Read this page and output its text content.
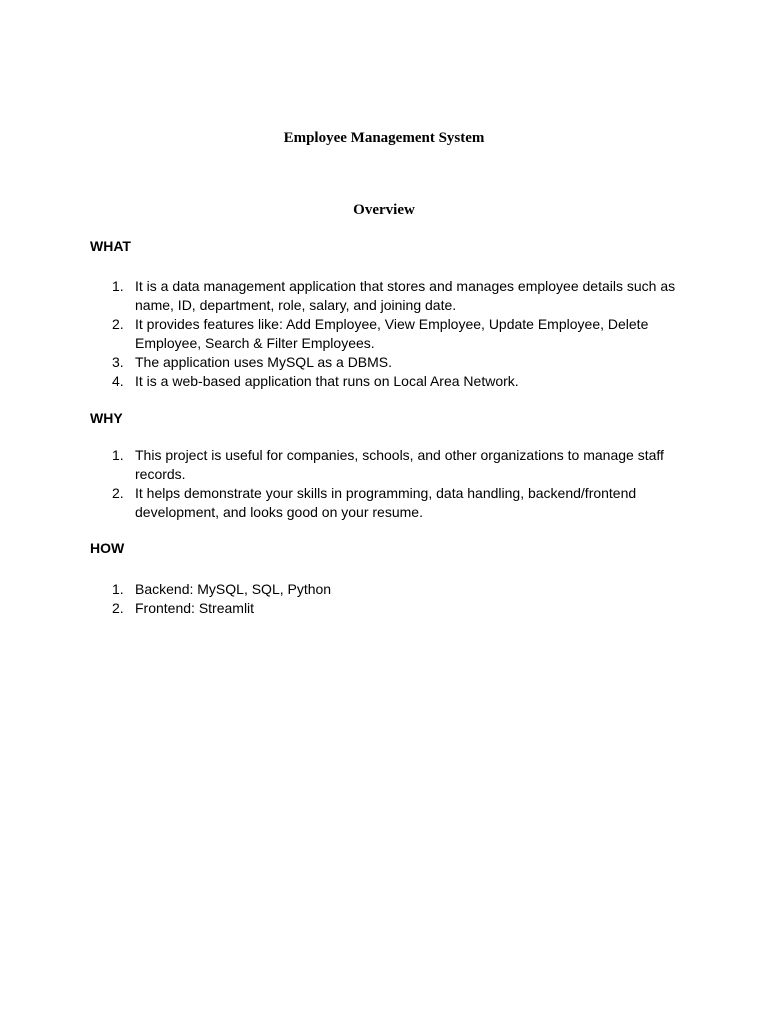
Employee Management System
Overview
WHAT
1. It is a data management application that stores and manages employee details such as name, ID, department, role, salary, and joining date.
2. It provides features like: Add Employee, View Employee, Update Employee, Delete Employee, Search & Filter Employees.
3. The application uses MySQL as a DBMS.
4. It is a web-based application that runs on Local Area Network.
WHY
1. This project is useful for companies, schools, and other organizations to manage staff records.
2. It helps demonstrate your skills in programming, data handling, backend/frontend development, and looks good on your resume.
HOW
1. Backend: MySQL, SQL, Python
2. Frontend: Streamlit
